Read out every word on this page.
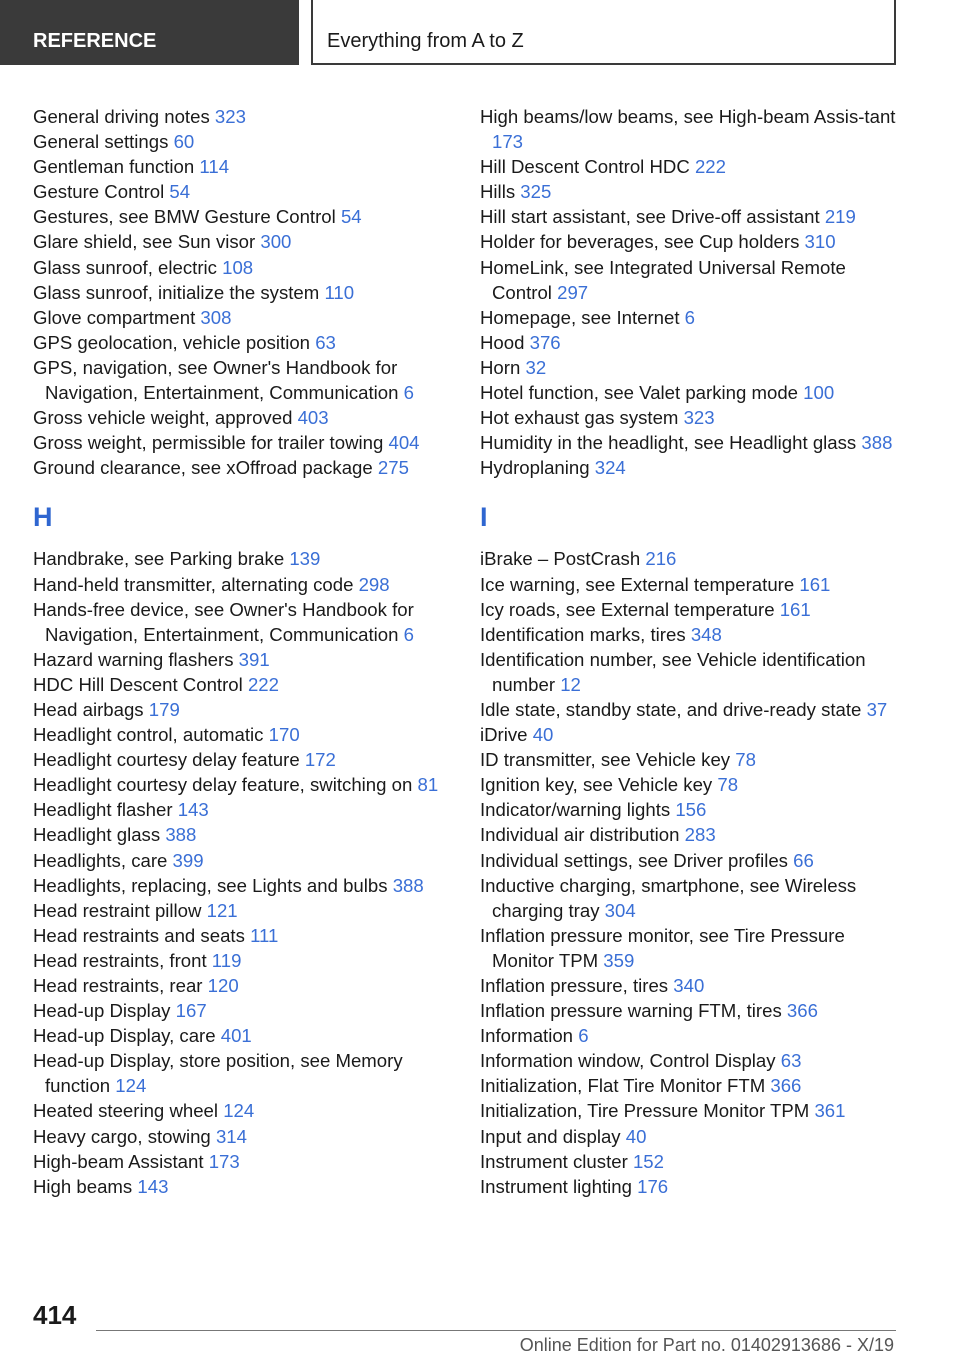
REFERENCE	Everything from A to Z
General driving notes 323
General settings 60
Gentleman function 114
Gesture Control 54
Gestures, see BMW Gesture Control 54
Glare shield, see Sun visor 300
Glass sunroof, electric 108
Glass sunroof, initialize the system 110
Glove compartment 308
GPS geolocation, vehicle position 63
GPS, navigation, see Owner's Handbook for Navigation, Entertainment, Communication 6
Gross vehicle weight, approved 403
Gross weight, permissible for trailer towing 404
Ground clearance, see xOffroad package 275
H
Handbrake, see Parking brake 139
Hand-held transmitter, alternating code 298
Hands-free device, see Owner's Handbook for Navigation, Entertainment, Communication 6
Hazard warning flashers 391
HDC Hill Descent Control 222
Head airbags 179
Headlight control, automatic 170
Headlight courtesy delay feature 172
Headlight courtesy delay feature, switching on 81
Headlight flasher 143
Headlight glass 388
Headlights, care 399
Headlights, replacing, see Lights and bulbs 388
Head restraint pillow 121
Head restraints and seats 111
Head restraints, front 119
Head restraints, rear 120
Head-up Display 167
Head-up Display, care 401
Head-up Display, store position, see Memory function 124
Heated steering wheel 124
Heavy cargo, stowing 314
High-beam Assistant 173
High beams 143
High beams/low beams, see High-beam Assis-tant 173
Hill Descent Control HDC 222
Hills 325
Hill start assistant, see Drive-off assistant 219
Holder for beverages, see Cup holders 310
HomeLink, see Integrated Universal Remote Control 297
Homepage, see Internet 6
Hood 376
Horn 32
Hotel function, see Valet parking mode 100
Hot exhaust gas system 323
Humidity in the headlight, see Headlight glass 388
Hydroplaning 324
I
iBrake – PostCrash 216
Ice warning, see External temperature 161
Icy roads, see External temperature 161
Identification marks, tires 348
Identification number, see Vehicle identification number 12
Idle state, standby state, and drive-ready state 37
iDrive 40
ID transmitter, see Vehicle key 78
Ignition key, see Vehicle key 78
Indicator/warning lights 156
Individual air distribution 283
Individual settings, see Driver profiles 66
Inductive charging, smartphone, see Wireless charging tray 304
Inflation pressure monitor, see Tire Pressure Monitor TPM 359
Inflation pressure, tires 340
Inflation pressure warning FTM, tires 366
Information 6
Information window, Control Display 63
Initialization, Flat Tire Monitor FTM 366
Initialization, Tire Pressure Monitor TPM 361
Input and display 40
Instrument cluster 152
Instrument lighting 176
414
Online Edition for Part no. 01402913686 - X/19
